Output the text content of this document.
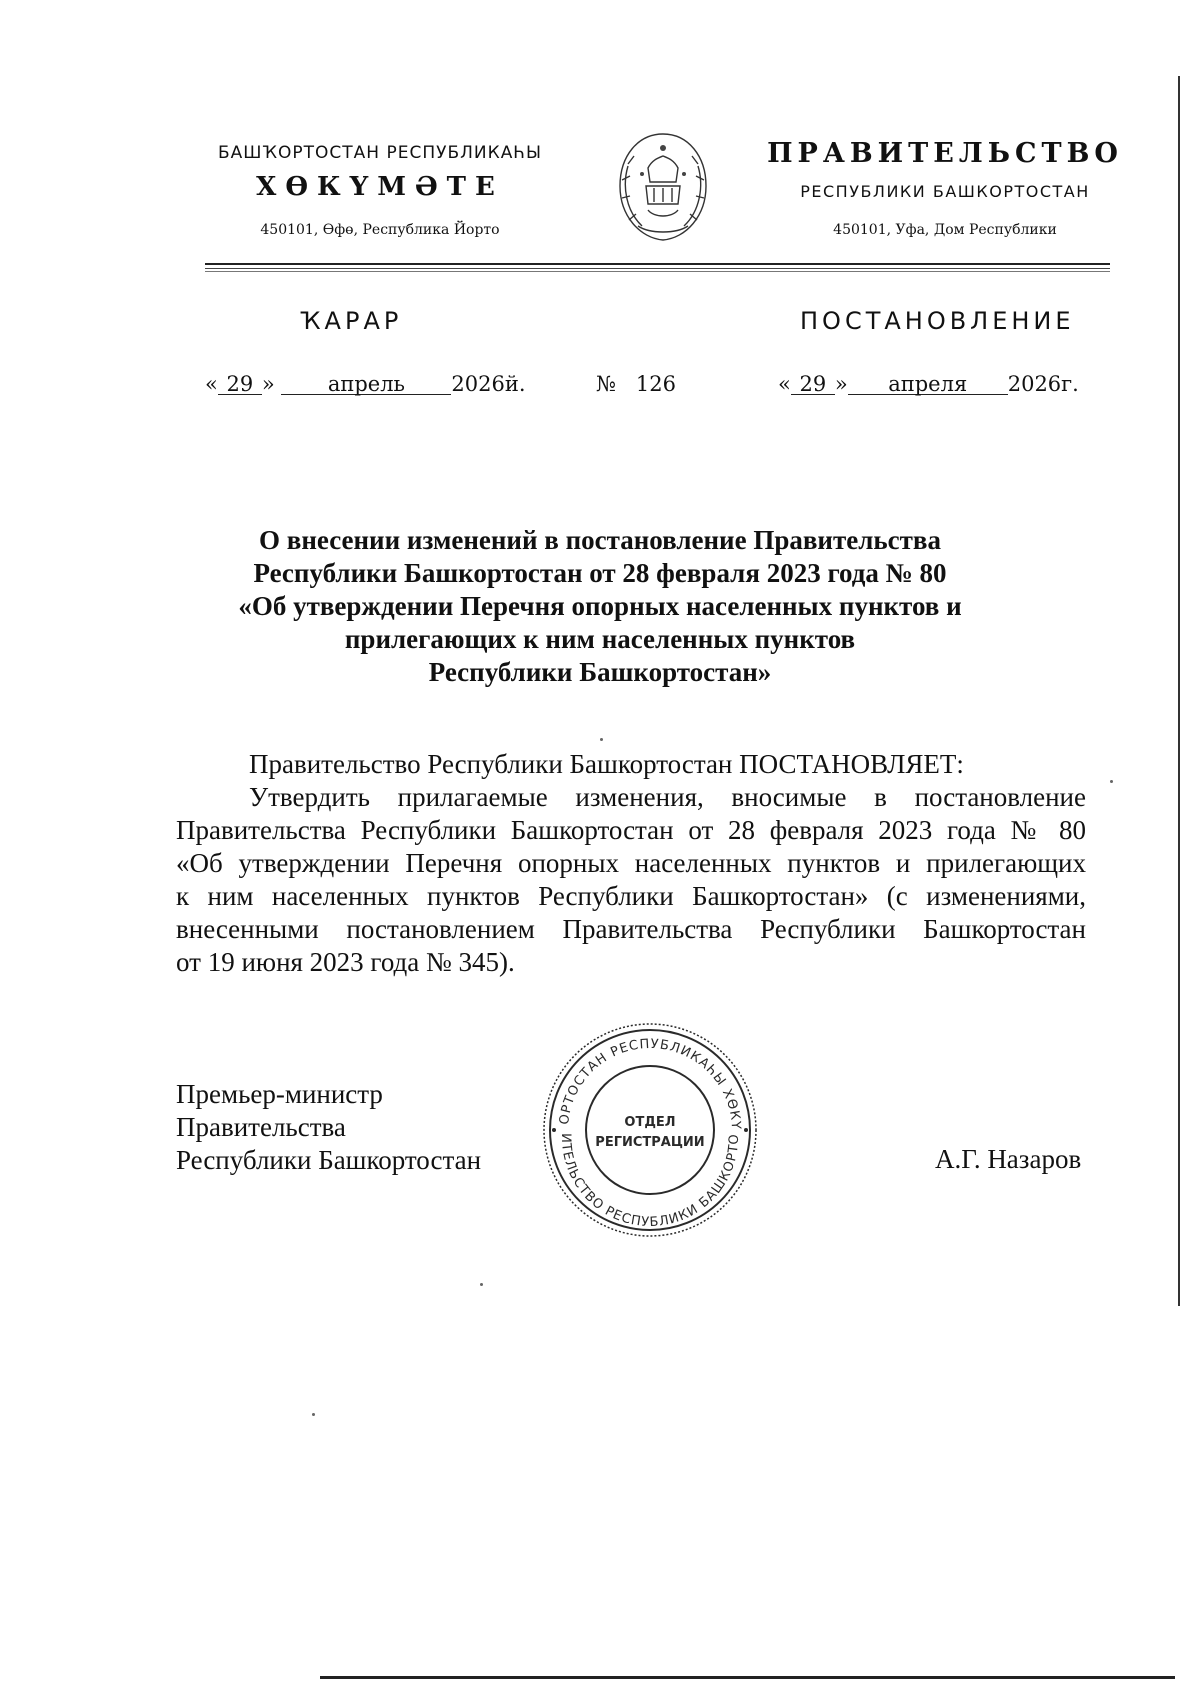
БАШҠОРТОСТАН РЕСПУБЛИКАҺЫ
ХӨКҮМӘТЕ
450101, Өфө, Республика Йорто
ПРАВИТЕЛЬСТВО
РЕСПУБЛИКИ БАШКОРТОСТАН
450101, Уфа, Дом Республики
ҠАРАР	ПОСТАНОВЛЕНИЕ
« 29 »	апрель 2026й.	№ 126	« 29 » апреля 2026г.
О внесении изменений в постановление Правительства
Республики Башкортостан от 28 февраля 2023 года № 80
«Об утверждении Перечня опорных населенных пунктов и
прилегающих к ним населенных пунктов
Республики Башкортостан»
Правительство Республики Башкортостан ПОСТАНОВЛЯЕТ:
Утвердить прилагаемые изменения, вносимые в постановление
Правительства Республики Башкортостан от 28 февраля 2023 года № 80
«Об утверждении Перечня опорных населенных пунктов и прилегающих
к ним населенных пунктов Республики Башкортостан» (с изменениями,
внесенными постановлением Правительства Республики Башкортостан
от 19 июня 2023 года № 345).
Премьер-министр
Правительства
Республики Башкортостан	А.Г. Назаров
ОРТОСТАН РЕСПУБЛИКАҺЫ ХӨКҮ
ИТЕЛЬСТВО РЕСПУБЛИКИ БАШКОРТО
ОТДЕЛ
РЕГИСТРАЦИИ
